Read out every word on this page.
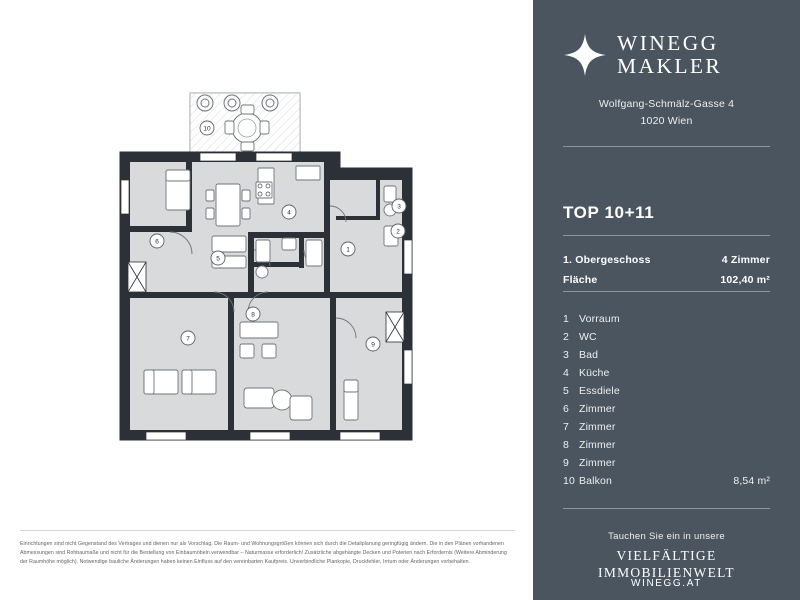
1
2
3
4
5
6
7
8
9
10
Einrichtungen sind nicht Gegenstand des Vertrages und dienen nur als Vorschlag. Die Raum- und Wohnungsgrößen können sich durch die Detailplanung geringfügig ändern. Die in den Plänen vorhandenen Abmessungen sind Rohbaumaße und nicht für die Bestellung von Einbaumöbeln verwendbar – Naturmasse erforderlich! Zusätzliche abgehängte Decken und Poterien nach Erfordernis (Weitere Abminderung der Raumhöhe möglich). Notwendige bauliche Änderungen haben keinen Einfluss auf den vereinbarten Kaufpreis. Unverbindliche Plankopie, Druckfehler, Irrtum oder Änderungen vorbehalten.
WINEGG
MAKLER
Wolfgang-Schmälz-Gasse 4
1020 Wien
TOP 10+11
1. Obergeschoss	4 Zimmer
Fläche	102,40 m²
1 Vorraum
2 WC
3 Bad
4 Küche
5 Essdiele
6 Zimmer
7 Zimmer
8 Zimmer
9 Zimmer
10 Balkon	8,54 m²
Tauchen Sie ein in unsere
VIELFÄLTIGE
IMMOBILIENWELT
WINEGG.AT
